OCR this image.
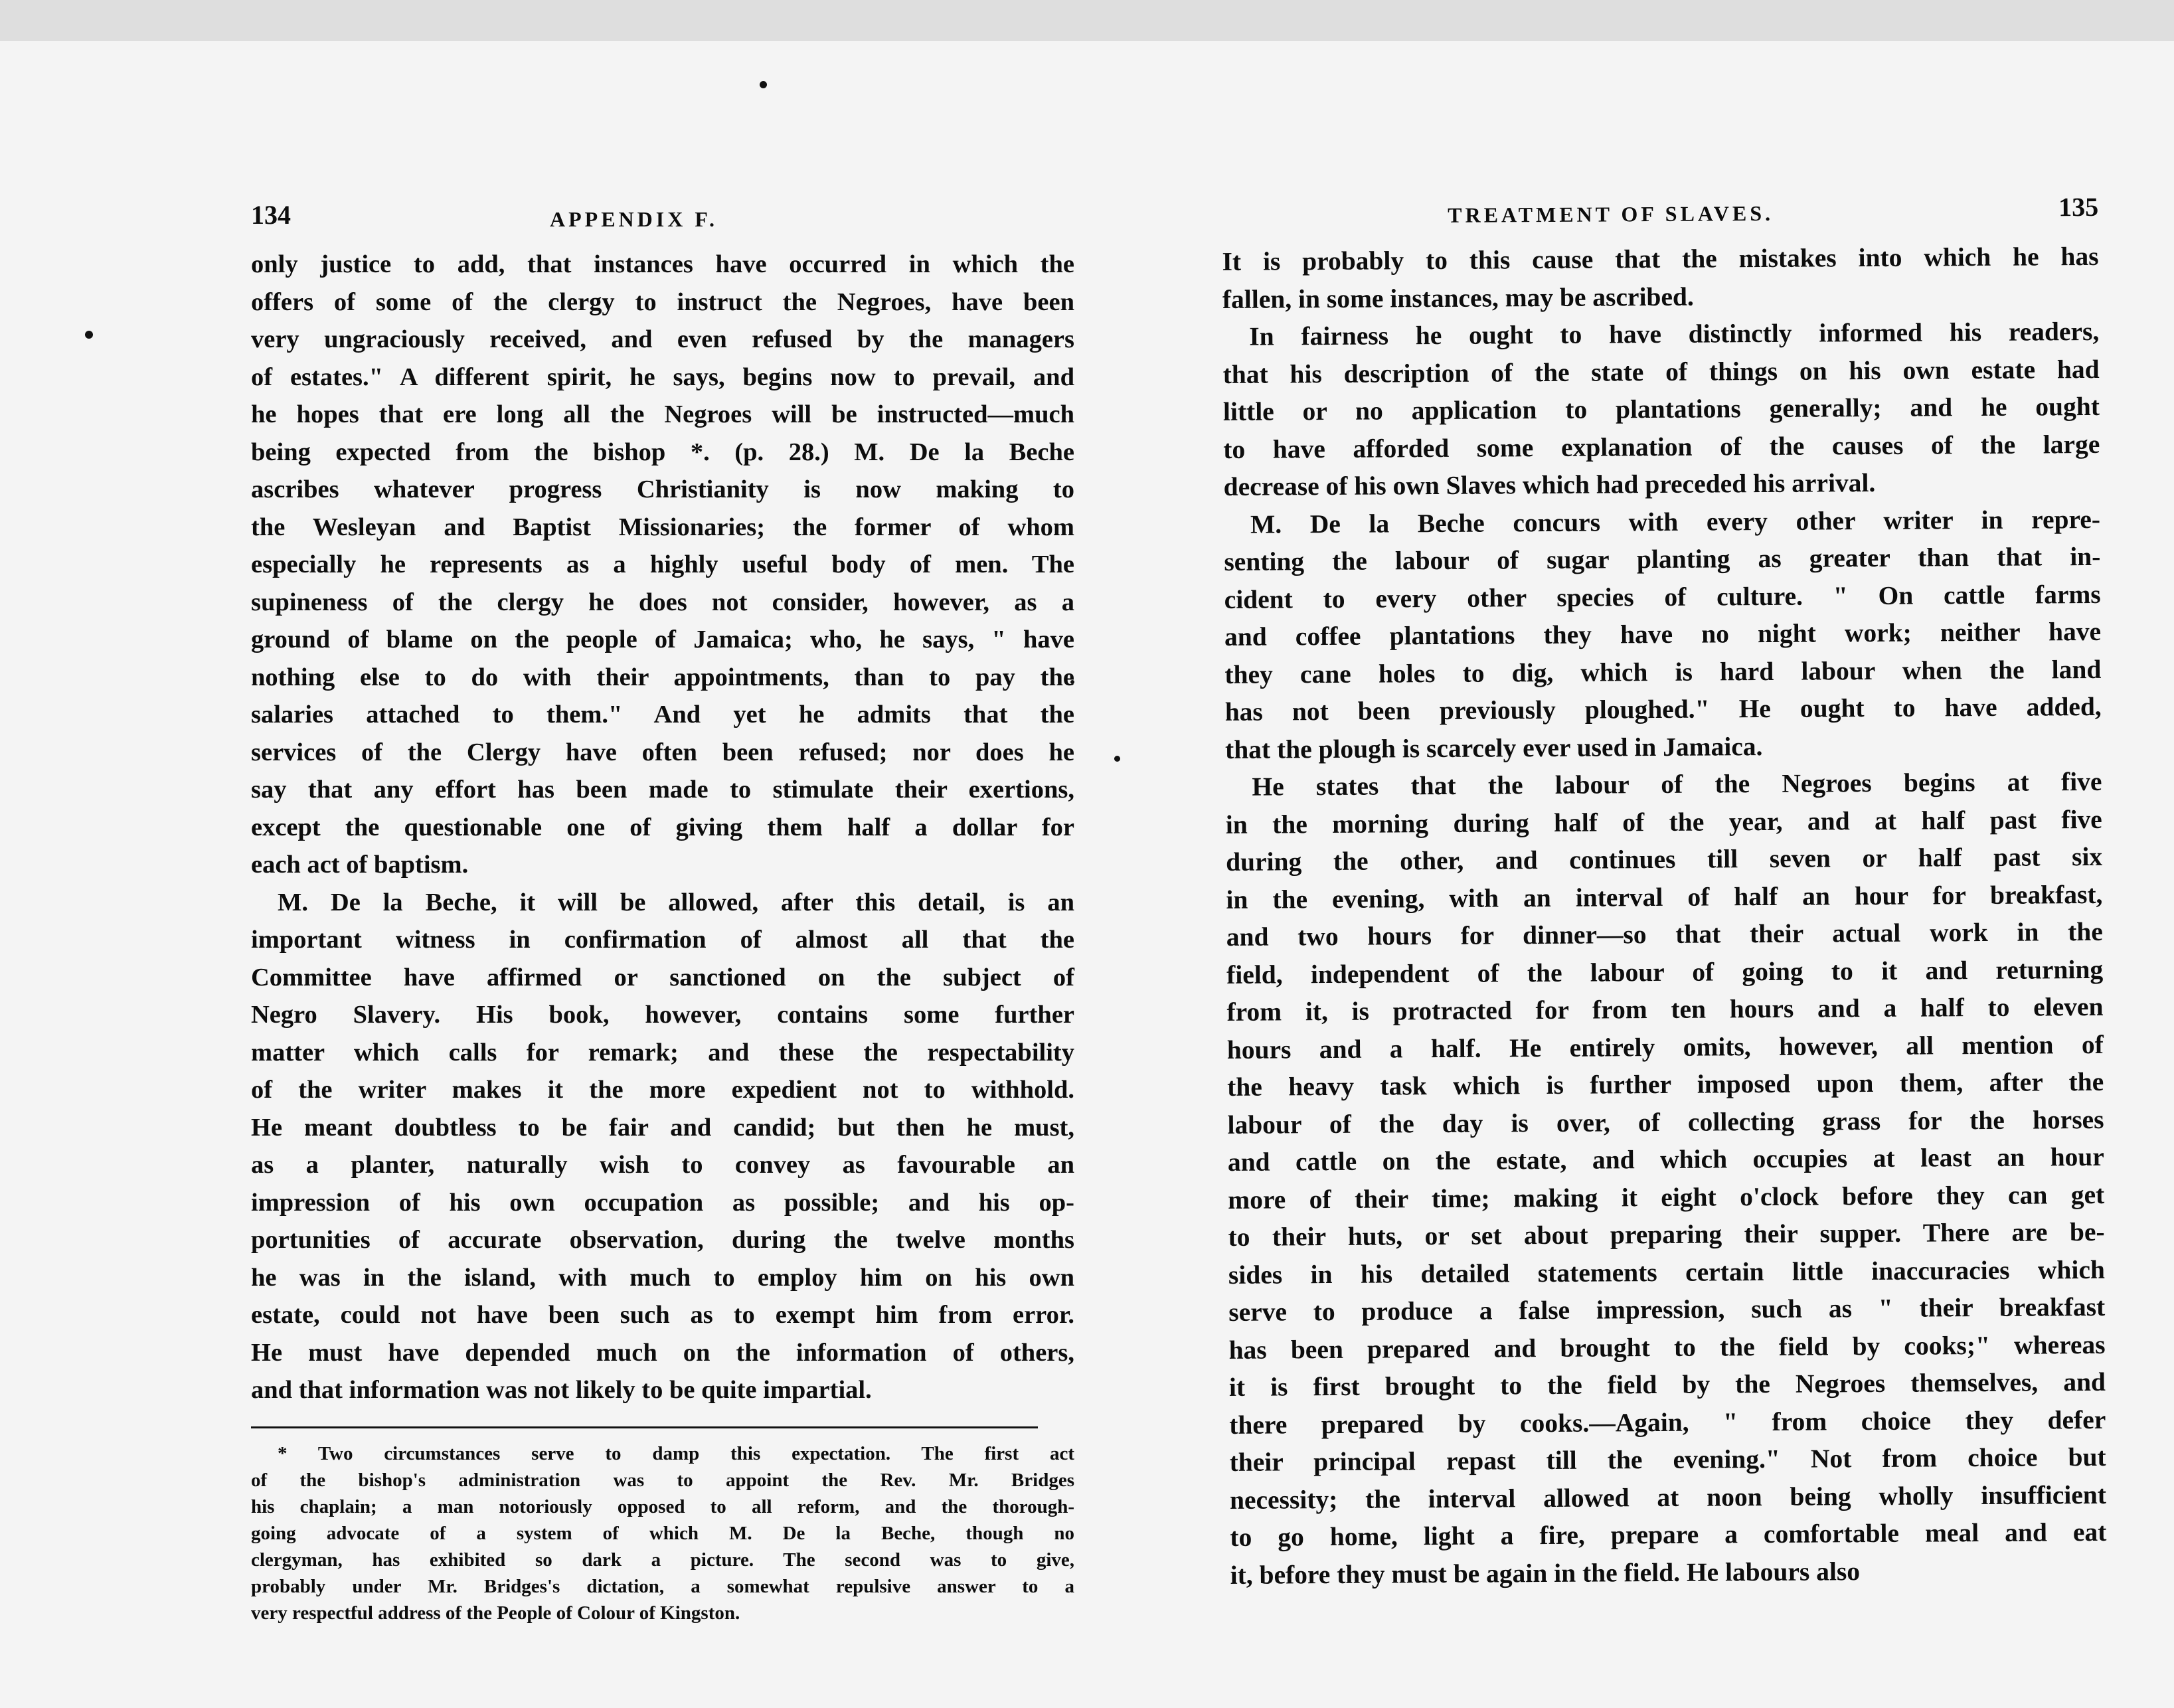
134	APPENDIX F.

only justice to add, that instances have occurred in which the
offers of some of the clergy to instruct the Negroes, have been
very ungraciously received, and even refused by the managers
of estates." A different spirit, he says, begins now to prevail, and
he hopes that ere long all the Negroes will be instructed—much
being expected from the bishop *. (p. 28.) M. De la Beche
ascribes whatever progress Christianity is now making to
the Wesleyan and Baptist Missionaries; the former of whom
especially he represents as a highly useful body of men. The
supineness of the clergy he does not consider, however, as a
ground of blame on the people of Jamaica; who, he says, " have
nothing else to do with their appointments, than to pay the
salaries attached to them." And yet he admits that the
services of the Clergy have often been refused; nor does he
say that any effort has been made to stimulate their exertions,
except the questionable one of giving them half a dollar for
each act of baptism.

M. De la Beche, it will be allowed, after this detail, is an
important witness in confirmation of almost all that the
Committee have affirmed or sanctioned on the subject of
Negro Slavery. His book, however, contains some further
matter which calls for remark; and these the respectability
of the writer makes it the more expedient not to withhold.
He meant doubtless to be fair and candid; but then he must,
as a planter, naturally wish to convey as favourable an
impression of his own occupation as possible; and his op-
portunities of accurate observation, during the twelve months
he was in the island, with much to employ him on his own
estate, could not have been such as to exempt him from error.
He must have depended much on the information of others,
and that information was not likely to be quite impartial.

* Two circumstances serve to damp this expectation. The first act
of the bishop's administration was to appoint the Rev. Mr. Bridges
his chaplain; a man notoriously opposed to all reform, and the thorough-
going advocate of a system of which M. De la Beche, though no
clergyman, has exhibited so dark a picture. The second was to give,
probably under Mr. Bridges's dictation, a somewhat repulsive answer to a
very respectful address of the People of Colour of Kingston.
TREATMENT OF SLAVES.	135

It is probably to this cause that the mistakes into which he has
fallen, in some instances, may be ascribed.

In fairness he ought to have distinctly informed his readers,
that his description of the state of things on his own estate had
little or no application to plantations generally; and he ought
to have afforded some explanation of the causes of the large
decrease of his own Slaves which had preceded his arrival.

M. De la Beche concurs with every other writer in repre-
senting the labour of sugar planting as greater than that in-
cident to every other species of culture. " On cattle farms
and coffee plantations they have no night work; neither have
they cane holes to dig, which is hard labour when the land
has not been previously ploughed." He ought to have added,
that the plough is scarcely ever used in Jamaica.

He states that the labour of the Negroes begins at five
in the morning during half of the year, and at half past five
during the other, and continues till seven or half past six
in the evening, with an interval of half an hour for breakfast,
and two hours for dinner—so that their actual work in the
field, independent of the labour of going to it and returning
from it, is protracted for from ten hours and a half to eleven
hours and a half. He entirely omits, however, all mention of
the heavy task which is further imposed upon them, after the
labour of the day is over, of collecting grass for the horses
and cattle on the estate, and which occupies at least an hour
more of their time; making it eight o'clock before they can get
to their huts, or set about preparing their supper. There are be-
sides in his detailed statements certain little inaccuracies which
serve to produce a false impression, such as " their breakfast
has been prepared and brought to the field by cooks;" whereas
it is first brought to the field by the Negroes themselves, and
there prepared by cooks.—Again, " from choice they defer
their principal repast till the evening." Not from choice but
necessity; the interval allowed at noon being wholly insufficient
to go home, light a fire, prepare a comfortable meal and eat
it, before they must be again in the field. He labours also
